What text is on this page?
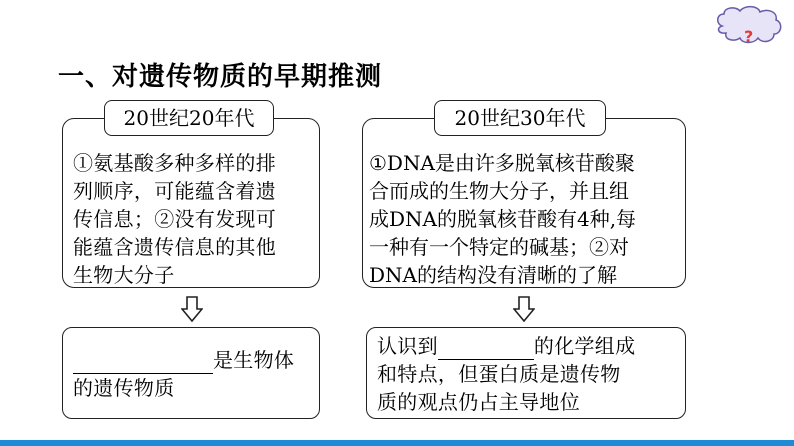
?
一、对遗传物质的早期推测
①氨基酸多种多样的排
列顺序，可能蕴含着遗
传信息；②没有发现可
能蕴含遗传信息的其他
生物大分子
20世纪20年代
是生物体
的遗传物质
①DNA是由许多脱氧核苷酸聚
合而成的生物大分子，并且组
成DNA的脱氧核苷酸有4种,每
一种有一个特定的碱基；②对
DNA的结构没有清晰的了解
20世纪30年代
认识到	的化学组成
和特点，但蛋白质是遗传物
质的观点仍占主导地位
